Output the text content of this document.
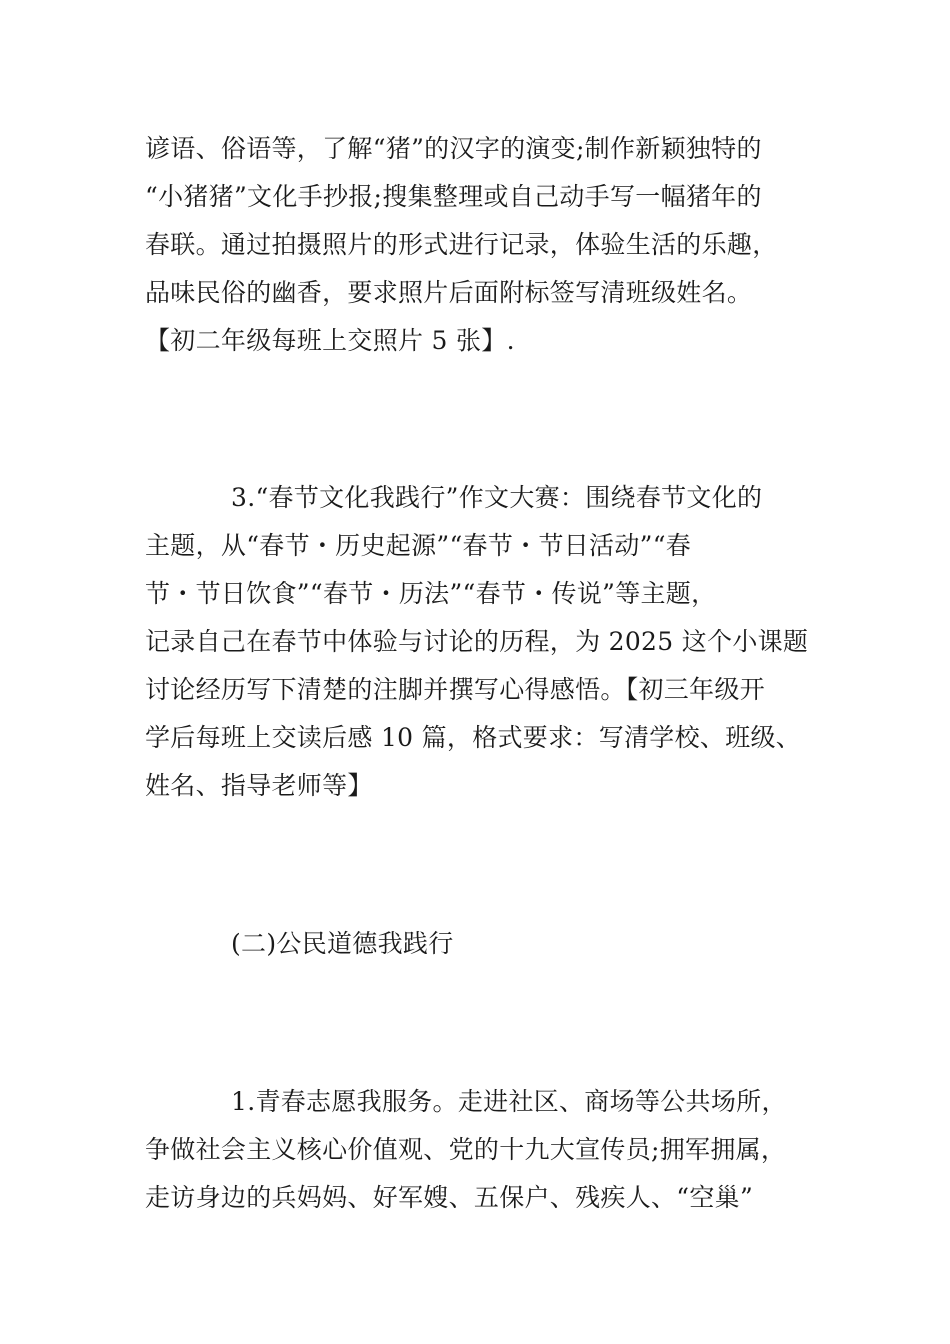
谚语、俗语等，了解“猪”的汉字的演变;制作新颖独特的
“小猪猪”文化手抄报;搜集整理或自己动手写一幅猪年的
春联。通过拍摄照片的形式进行记录，体验生活的乐趣，
品味民俗的幽香，要求照片后面附标签写清班级姓名。
【初二年级每班上交照片 5 张】.

3.“春节文化我践行”作文大赛：围绕春节文化的
主题，从“春节・历史起源”“春节・节日活动”“春
节・节日饮食”“春节・历法”“春节・传说”等主题，
记录自己在春节中体验与讨论的历程，为 2025 这个小课题
讨论经历写下清楚的注脚并撰写心得感悟。【初三年级开
学后每班上交读后感 10 篇，格式要求：写清学校、班级、
姓名、指导老师等】

(二)公民道德我践行

1.青春志愿我服务。走进社区、商场等公共场所，
争做社会主义核心价值观、党的十九大宣传员;拥军拥属，
走访身边的兵妈妈、好军嫂、五保户、残疾人、“空巢”
